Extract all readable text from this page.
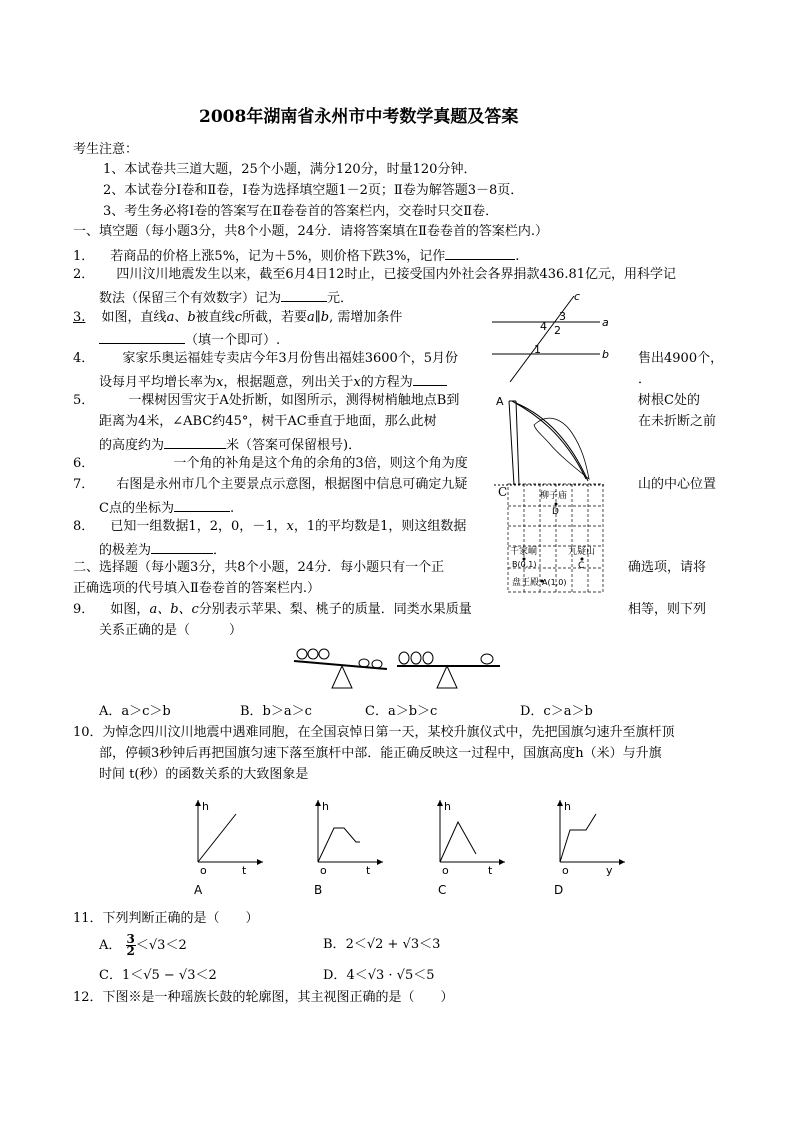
2008年湖南省永州市中考数学真题及答案
考生注意：
1、本试卷共三道大题，25个小题，满分120分，时量120分钟．
2、本试卷分Ⅰ卷和Ⅱ卷，Ⅰ卷为选择填空题1－2页；Ⅱ卷为解答题3－8页．
3、考生务必将Ⅰ卷的答案写在Ⅱ卷卷首的答案栏内，交卷时只交Ⅱ卷．
一、填空题（每小题3分，共8个小题，24分．请将答案填在Ⅱ卷卷首的答案栏内.）
1． 若商品的价格上涨5%，记为＋5%，则价格下跌3%，记作	.
2． 四川汶川地震发生以来，截至6月4日12时止，已接受国内外社会各界捐款436.81亿元，用科学记
数法（保留三个有效数字）记为	元．
3. 如图，直线a、b被直线c所截，若要a∥b, 需增加条件
（填一个即可）.
4． 家家乐奥运福娃专卖店今年3月份售出福娃3600个，5月份	售出4900个，
设每月平均增长率为x，根据题意，列出关于x的方程为	．
5．	一棵树因雪灾于A处折断，如图所示，测得树梢触地点B到	树根C处的
距离为4米，∠ABC约45°，树干AC垂直于地面，那么此树	在未折断之前
的高度约为	米（答案可保留根号)．
6．	一个角的补角是这个角的余角的3倍，则这个角为度
7． 右图是永州市几个主要景点示意图，根据图中信息可确定九疑	山的中心位置
C点的坐标为	.
8． 已知一组数据1，2，0，－1，x，1的平均数是1，则这组数据
的极差为	．
二、选择题（每小题3分，共8个小题，24分．每小题只有一个正	确选项，请将
正确选项的代号填入Ⅱ卷卷首的答案栏内.）
9． 如图，a、b、c分别表示苹果、梨、桃子的质量．同类水果质量	相等，则下列
关系正确的是（　　　）
A．a＞c＞b	B．b＞a＞c	C．a＞b＞c	D．c＞a＞b
10．为悼念四川汶川地震中遇难同胞，在全国哀悼日第一天，某校升旗仪式中，先把国旗匀速升至旗杆顶
部，停顿3秒钟后再把国旗匀速下落至旗杆中部．能正确反映这一过程中，国旗高度h（米）与升旗
时间 t(秒）的函数关系的大致图象是
h
o	t
A
h
o	t
B
h
o	t
C
h
o	y
D
11．下列判断正确的是（　　）
A． $\frac{3}{2} <√3<2$	B．2＜√2 + √3＜3
C．1＜√5 − √3＜2	D．4＜√3 · √5＜5
12．下图※是一种瑶族长鼓的轮廓图，其主视图正确的是（　　）
a
b
c
1
2
3
4
A
C	柳子庙
D
千家峒
B(0,1)
九疑山
C
盘王殿 A(1,0)
